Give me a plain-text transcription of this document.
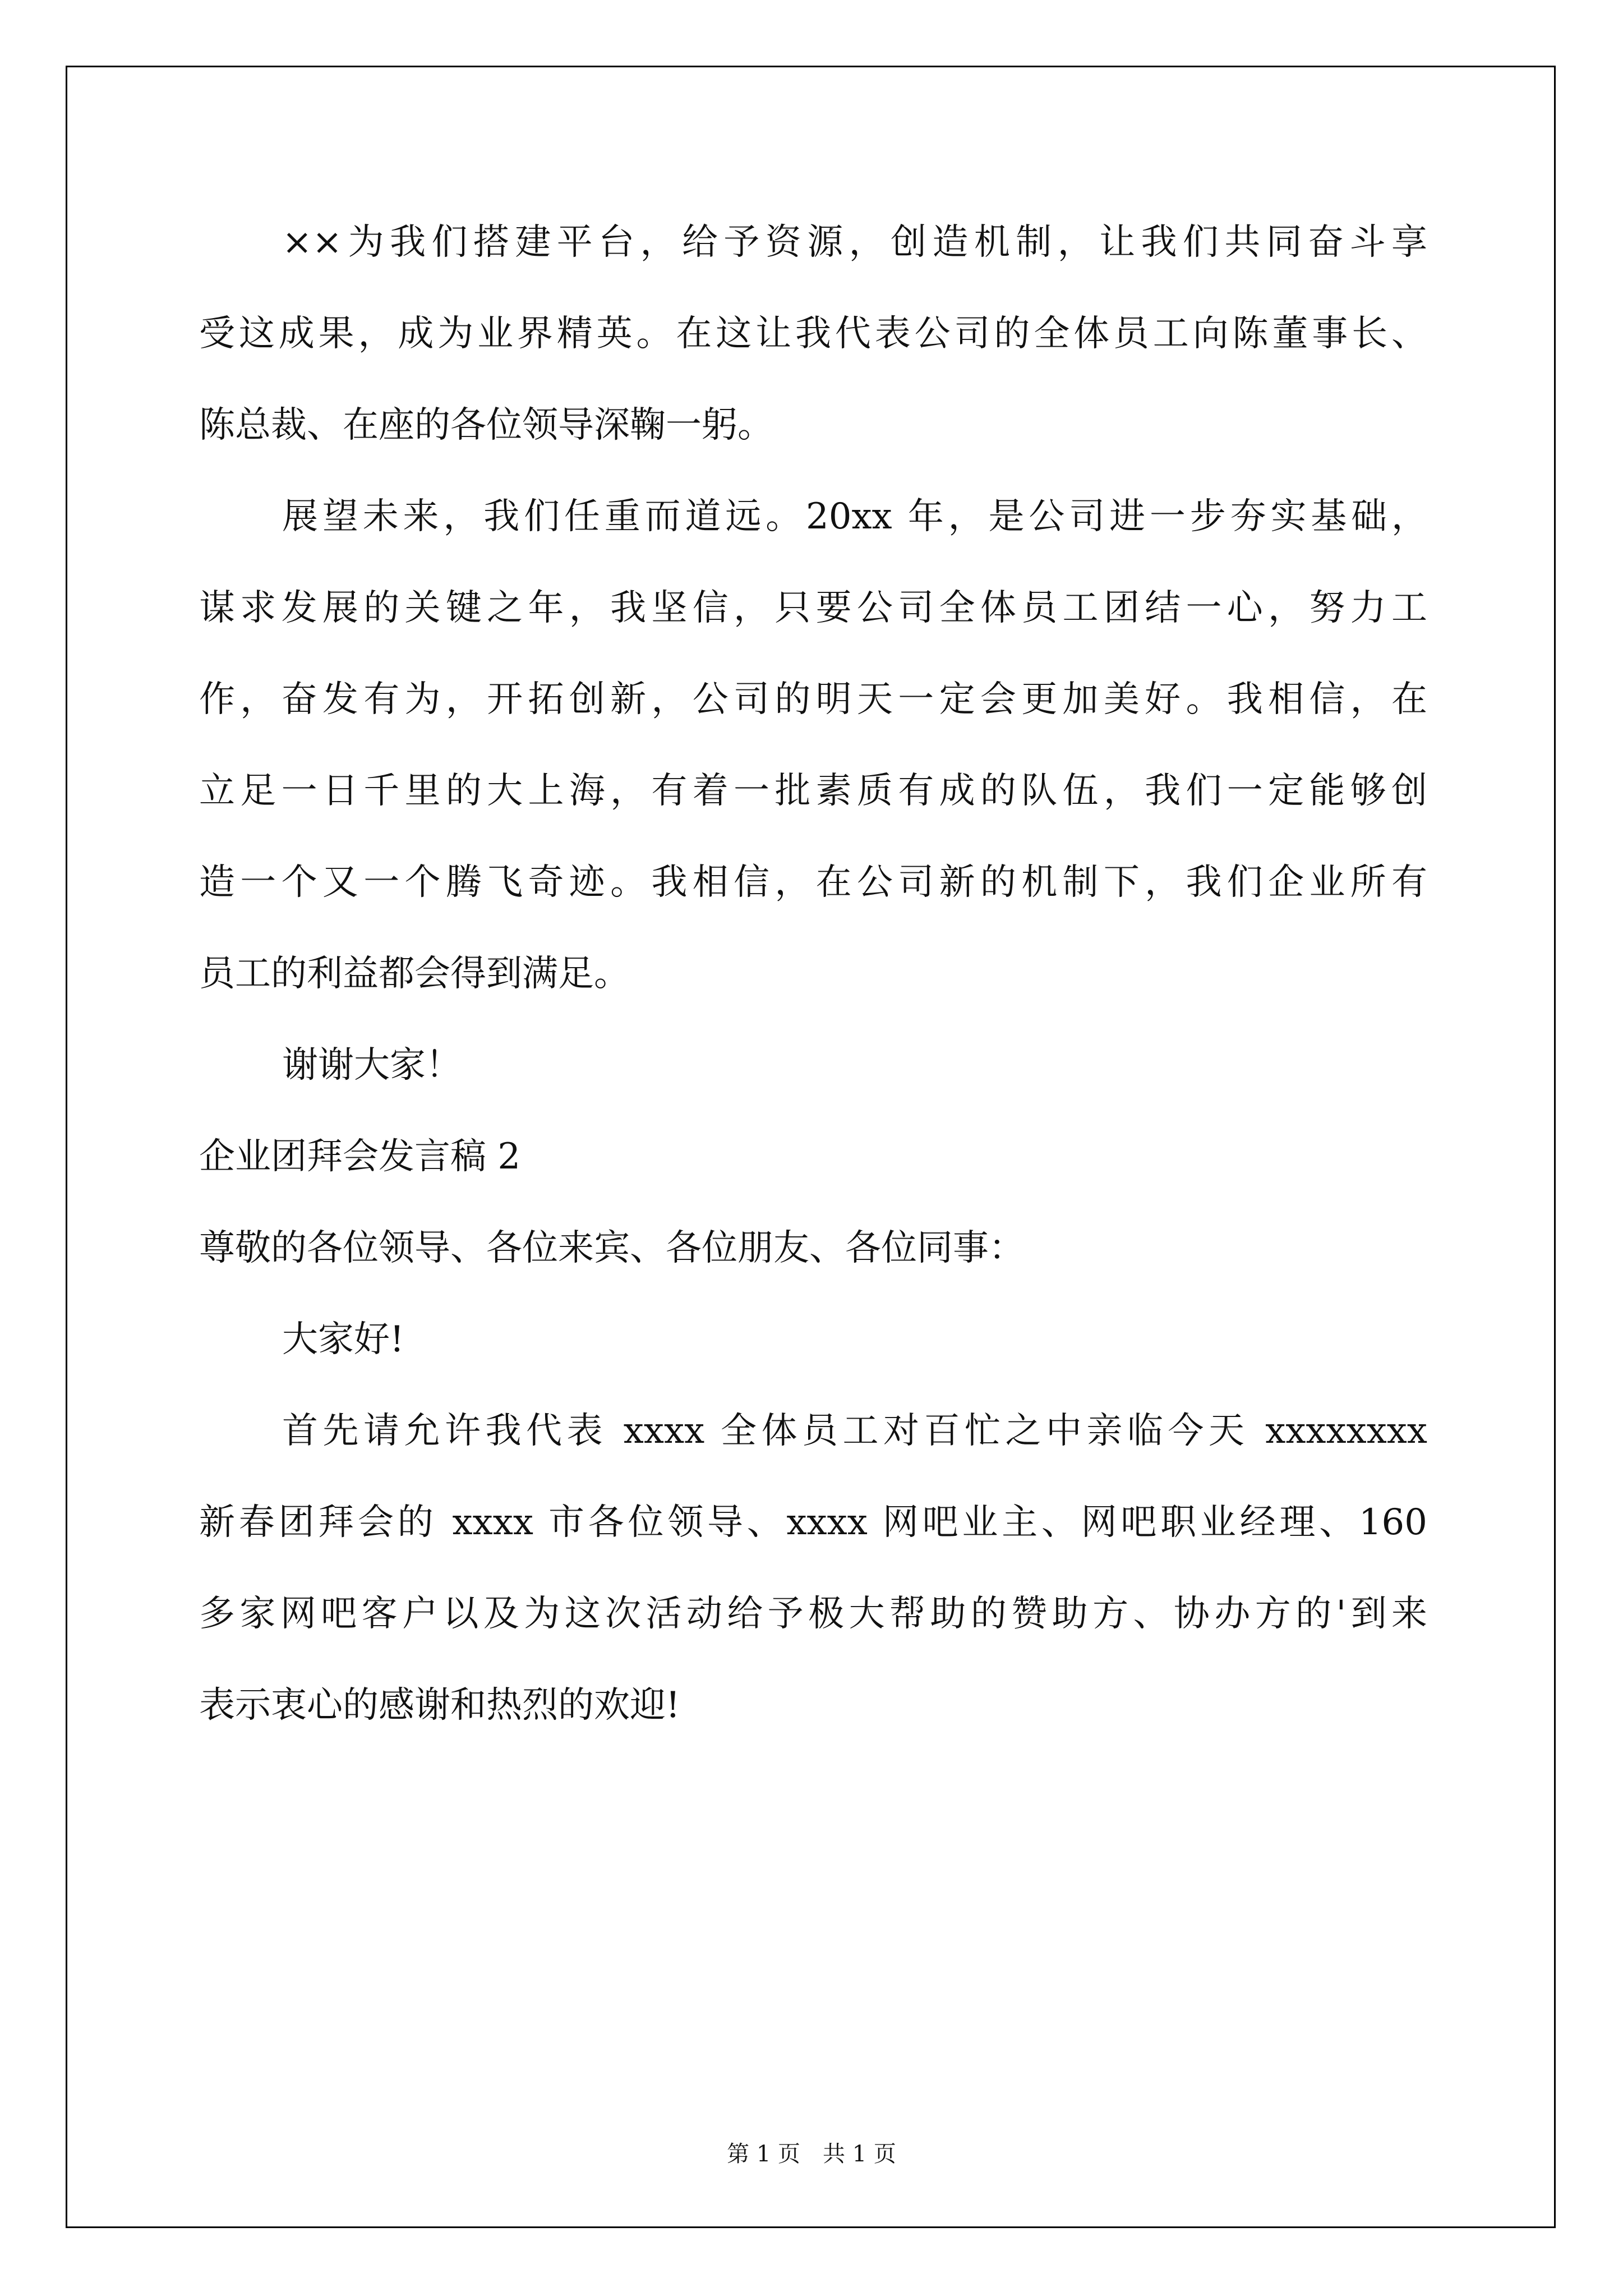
××为我们搭建平台，给予资源，创造机制，让我们共同奋斗享
受这成果，成为业界精英。在这让我代表公司的全体员工向陈董事长、
陈总裁、在座的各位领导深鞠一躬。
展望未来，我们任重而道远。20xx 年，是公司进一步夯实基础，
谋求发展的关键之年，我坚信，只要公司全体员工团结一心，努力工
作，奋发有为，开拓创新，公司的明天一定会更加美好。我相信，在
立足一日千里的大上海，有着一批素质有成的队伍，我们一定能够创
造一个又一个腾飞奇迹。我相信，在公司新的机制下，我们企业所有
员工的利益都会得到满足。
谢谢大家！
企业团拜会发言稿 2
尊敬的各位领导、各位来宾、各位朋友、各位同事：
大家好!
首先请允许我代表 xxxx 全体员工对百忙之中亲临今天 xxxxxxxx
新春团拜会的 xxxx 市各位领导、xxxx 网吧业主、网吧职业经理、160
多家网吧客户以及为这次活动给予极大帮助的赞助方、协办方的'到来
表示衷心的感谢和热烈的欢迎!
第 1 页　共 1 页
